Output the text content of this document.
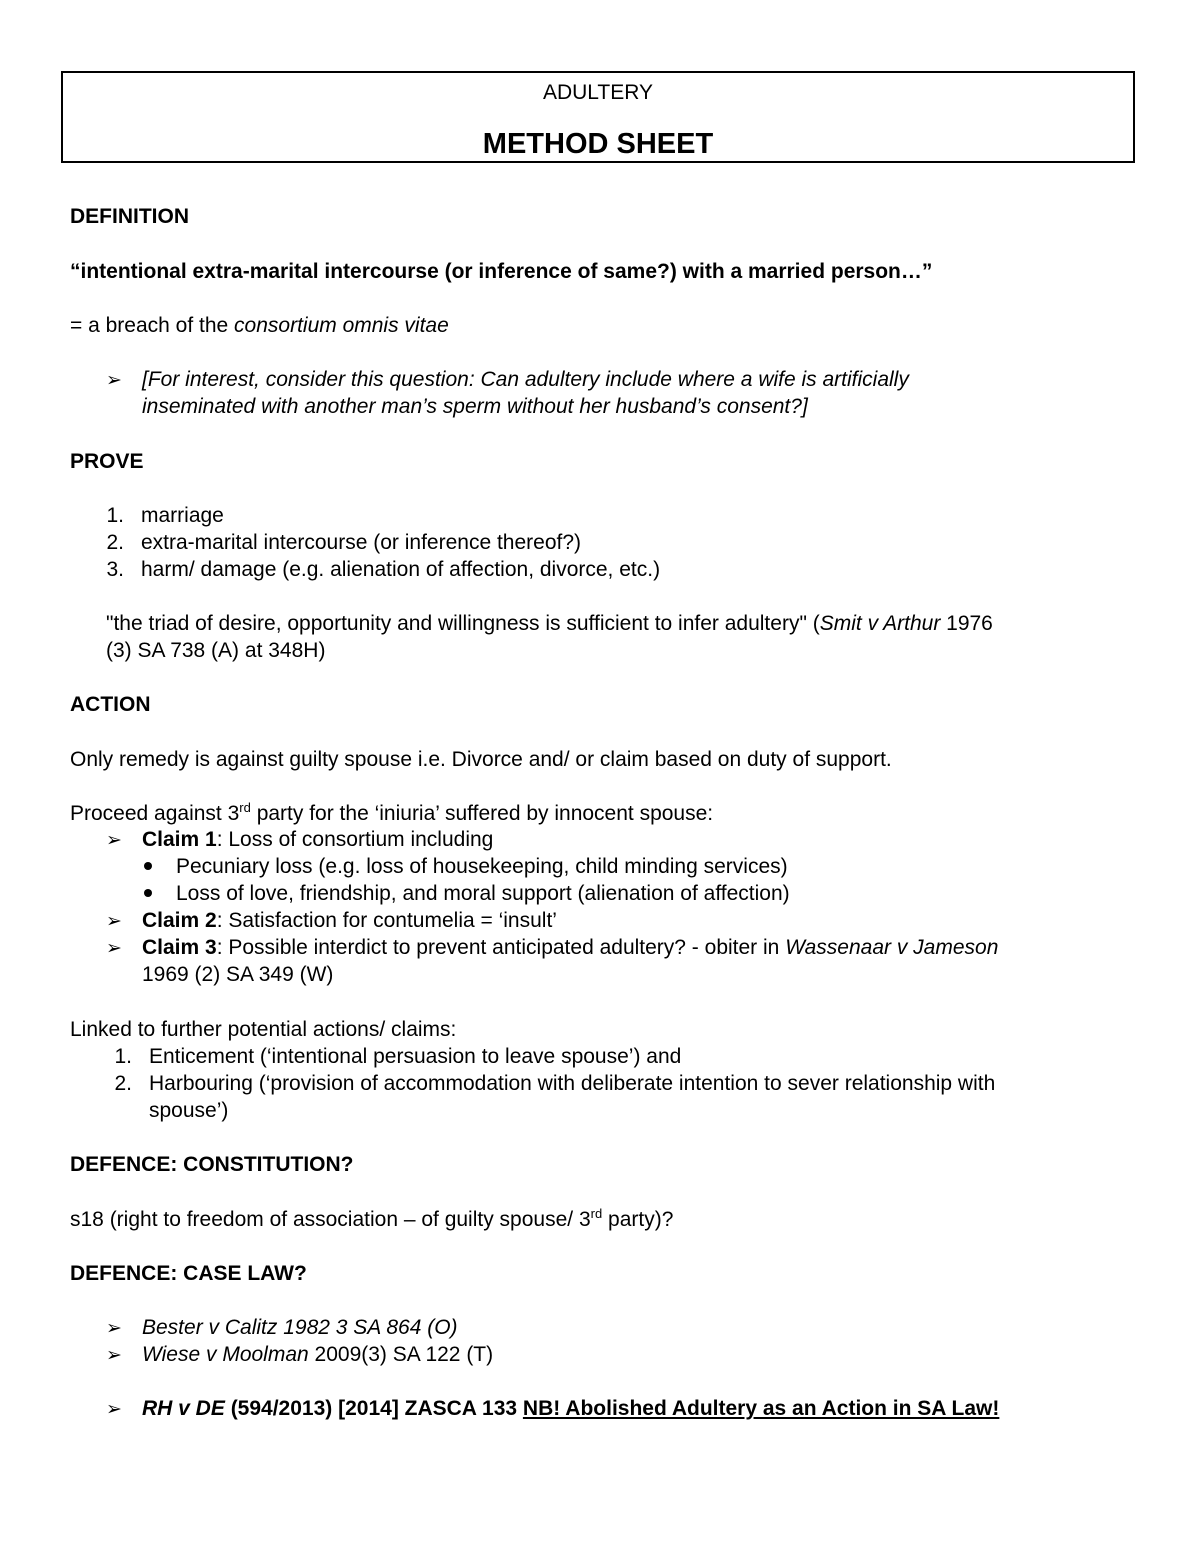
ADULTERY
METHOD SHEET
DEFINITION
“intentional extra-marital intercourse (or inference of same?) with a married person…”
= a breach of the consortium omnis vitae
➢ [For interest, consider this question: Can adultery include where a wife is artificially
inseminated with another man’s sperm without her husband’s consent?]
PROVE
1. marriage
2. extra-marital intercourse (or inference thereof?)
3. harm/ damage (e.g. alienation of affection, divorce, etc.)
"the triad of desire, opportunity and willingness is sufficient to infer adultery" (Smit v Arthur 1976
(3) SA 738 (A) at 348H)
ACTION
Only remedy is against guilty spouse i.e. Divorce and/ or claim based on duty of support.
Proceed against 3rd party for the ‘iniuria’ suffered by innocent spouse:
➢ Claim 1: Loss of consortium including
Pecuniary loss (e.g. loss of housekeeping, child minding services)
Loss of love, friendship, and moral support (alienation of affection)
➢ Claim 2: Satisfaction for contumelia = ‘insult’
➢ Claim 3: Possible interdict to prevent anticipated adultery? - obiter in Wassenaar v Jameson
1969 (2) SA 349 (W)
Linked to further potential actions/ claims:
1. Enticement (‘intentional persuasion to leave spouse’) and
2. Harbouring (‘provision of accommodation with deliberate intention to sever relationship with
spouse’)
DEFENCE: CONSTITUTION?
s18 (right to freedom of association – of guilty spouse/ 3rd party)?
DEFENCE: CASE LAW?
➢ Bester v Calitz 1982 3 SA 864 (O)
➢ Wiese v Moolman 2009(3) SA 122 (T)
➢ RH v DE (594/2013) [2014] ZASCA 133 NB! Abolished Adultery as an Action in SA Law!
